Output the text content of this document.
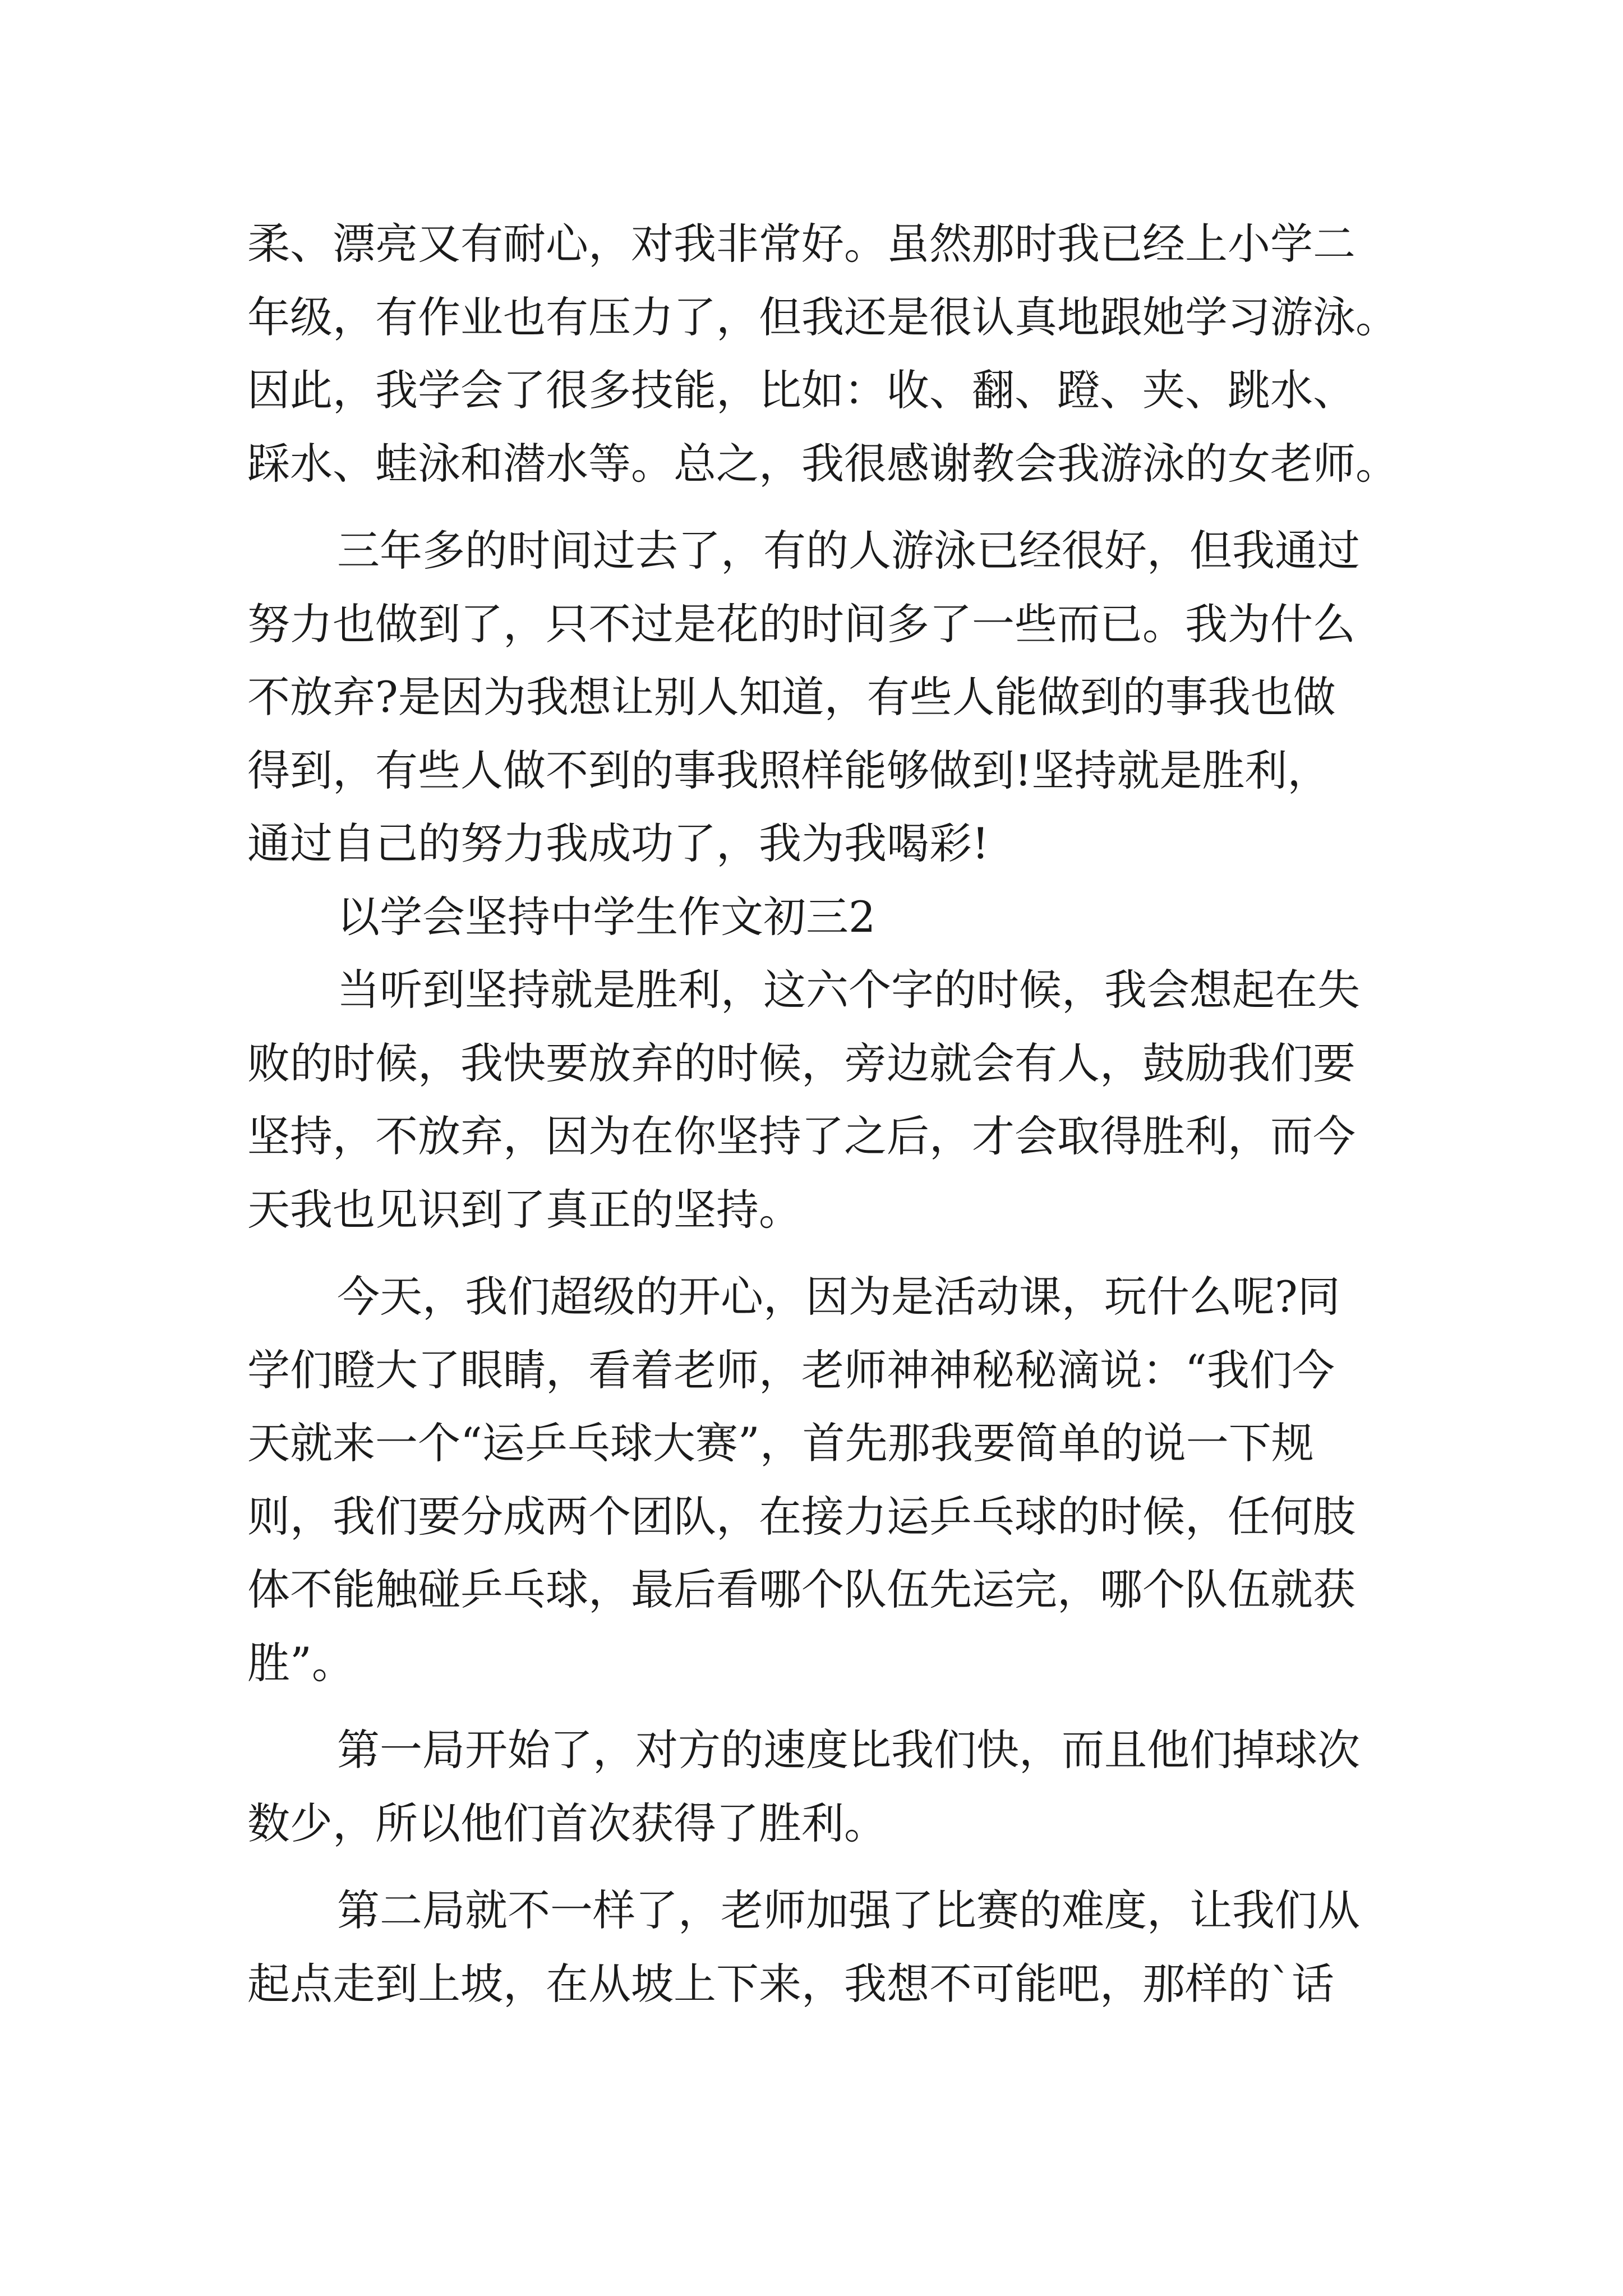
柔、漂亮又有耐心，对我非常好。虽然那时我已经上小学二
年级，有作业也有压力了，但我还是很认真地跟她学习游泳。
因此，我学会了很多技能，比如：收、翻、蹬、夹、跳水、
踩水、蛙泳和潜水等。总之，我很感谢教会我游泳的女老师。
三年多的时间过去了，有的人游泳已经很好，但我通过
努力也做到了，只不过是花的时间多了一些而已。我为什么
不放弃?是因为我想让别人知道，有些人能做到的事我也做
得到，有些人做不到的事我照样能够做到!坚持就是胜利，
通过自己的努力我成功了，我为我喝彩!
以学会坚持中学生作文初三2
当听到坚持就是胜利，这六个字的时候，我会想起在失
败的时候，我快要放弃的时候，旁边就会有人，鼓励我们要
坚持，不放弃，因为在你坚持了之后，才会取得胜利，而今
天我也见识到了真正的坚持。
今天，我们超级的开心，因为是活动课，玩什么呢?同
学们瞪大了眼睛，看着老师，老师神神秘秘滴说：“我们今
天就来一个“运乒乓球大赛”，首先那我要简单的说一下规
则，我们要分成两个团队，在接力运乒乓球的时候，任何肢
体不能触碰乒乓球，最后看哪个队伍先运完，哪个队伍就获
胜”。
第一局开始了，对方的速度比我们快，而且他们掉球次
数少，所以他们首次获得了胜利。
第二局就不一样了，老师加强了比赛的难度，让我们从
起点走到上坡，在从坡上下来，我想不可能吧，那样的`话
